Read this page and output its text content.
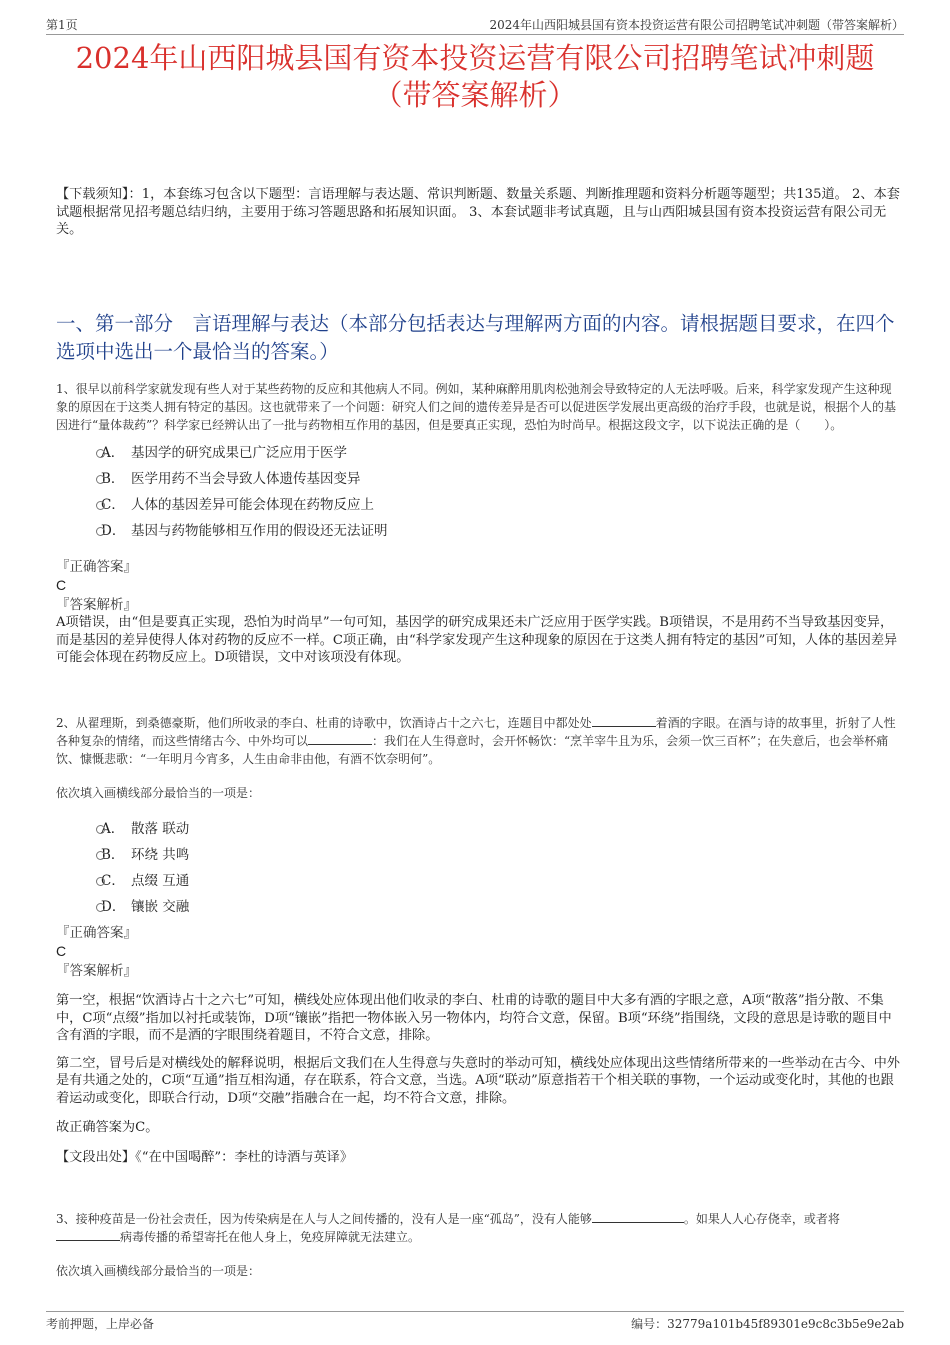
第1页	2024年山西阳城县国有资本投资运营有限公司招聘笔试冲刺题（带答案解析）
2024年山西阳城县国有资本投资运营有限公司招聘笔试冲刺题
（带答案解析）
【下载须知】：1，本套练习包含以下题型：言语理解与表达题、常识判断题、数量关系题、判断推理题和资料分析题等题型；共135道。 2、本套试题根据常见招考题总结归纳，主要用于练习答题思路和拓展知识面。 3、本套试题非考试真题，且与山西阳城县国有资本投资运营有限公司无关。
一、第一部分　言语理解与表达（本部分包括表达与理解两方面的内容。请根据题目要求，在四个选项中选出一个最恰当的答案。）
1、很早以前科学家就发现有些人对于某些药物的反应和其他病人不同。例如，某种麻醉用肌肉松弛剂会导致特定的人无法呼吸。后来，科学家发现产生这种现象的原因在于这类人拥有特定的基因。这也就带来了一个问题：研究人们之间的遗传差异是否可以促进医学发展出更高级的治疗手段，也就是说，根据个人的基因进行“量体裁药”？科学家已经辨认出了一批与药物相互作用的基因，但是要真正实现，恐怕为时尚早。根据这段文字，以下说法正确的是（　　）。
A． 基因学的研究成果已广泛应用于医学
B． 医学用药不当会导致人体遗传基因变异
C． 人体的基因差异可能会体现在药物反应上
D． 基因与药物能够相互作用的假设还无法证明
『正确答案』
C
『答案解析』
A项错误，由“但是要真正实现，恐怕为时尚早”一句可知，基因学的研究成果还未广泛应用于医学实践。B项错误，不是用药不当导致基因变异，而是基因的差异使得人体对药物的反应不一样。C项正确，由“科学家发现产生这种现象的原因在于这类人拥有特定的基因”可知，人体的基因差异可能会体现在药物反应上。D项错误，文中对该项没有体现。
2、从翟理斯，到桑德豪斯，他们所收录的李白、杜甫的诗歌中，饮酒诗占十之六七，连题目中都处处	着酒的字眼。在酒与诗的故事里，折射了人性各种复杂的情绪，而这些情绪古今、中外均可以	：我们在人生得意时，会开怀畅饮：“烹羊宰牛且为乐，会须一饮三百杯”；在失意后，也会举杯痛饮、慷慨悲歌：“一年明月今宵多，人生由命非由他，有酒不饮奈明何”。
依次填入画横线部分最恰当的一项是：
A． 散落 联动
B． 环绕 共鸣
C． 点缀 互通
D． 镶嵌 交融
『正确答案』
C
『答案解析』
第一空，根据“饮酒诗占十之六七”可知，横线处应体现出他们收录的李白、杜甫的诗歌的题目中大多有酒的字眼之意，A项“散落”指分散、不集中，C项“点缀”指加以衬托或装饰，D项“镶嵌”指把一物体嵌入另一物体内，均符合文意，保留。B项“环绕”指围绕，文段的意思是诗歌的题目中含有酒的字眼，而不是酒的字眼围绕着题目，不符合文意，排除。
第二空，冒号后是对横线处的解释说明，根据后文我们在人生得意与失意时的举动可知，横线处应体现出这些情绪所带来的一些举动在古今、中外是有共通之处的，C项“互通”指互相沟通，存在联系，符合文意，当选。A项“联动”原意指若干个相关联的事物，一个运动或变化时，其他的也跟着运动或变化，即联合行动，D项“交融”指融合在一起，均不符合文意，排除。
故正确答案为C。
【文段出处】《“在中国喝醉”：李杜的诗酒与英译》
3、接种疫苗是一份社会责任，因为传染病是在人与人之间传播的，没有人是一座“孤岛”，没有人能够	。如果人人心存侥幸，或者将病毒传播的希望寄托在他人身上，免疫屏障就无法建立。
依次填入画横线部分最恰当的一项是：
考前押题，上岸必备	编号：32779a101b45f89301e9c8c3b5e9e2ab
